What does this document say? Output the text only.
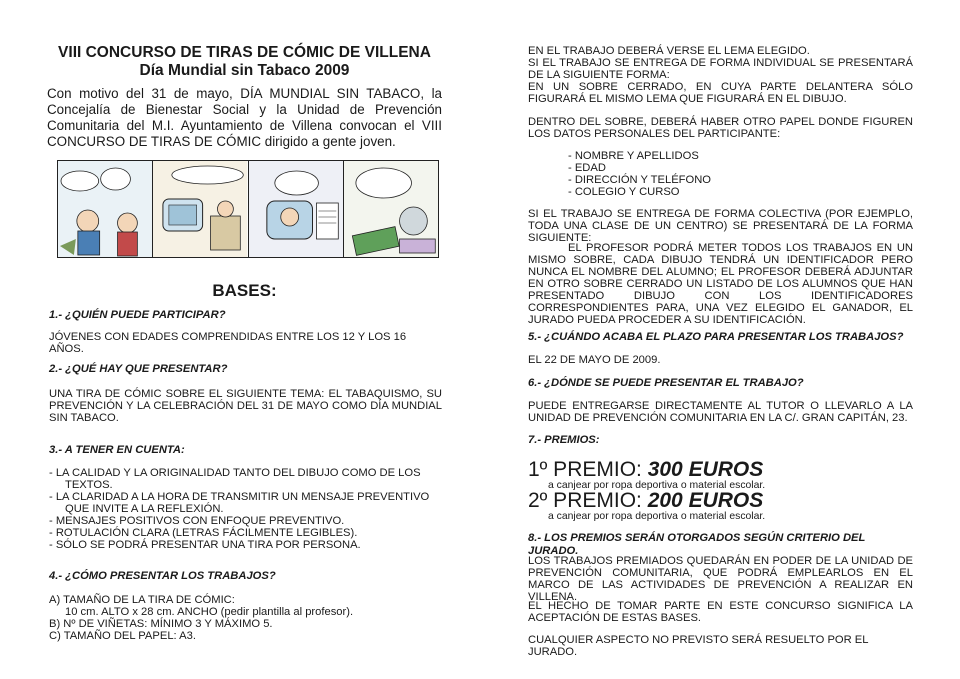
VIII CONCURSO DE TIRAS DE CÓMIC DE VILLENA
Día Mundial sin Tabaco 2009
Con motivo del 31 de mayo, DÍA MUNDIAL SIN TABACO, la Concejalía de Bienestar Social y la Unidad de Prevención Comunitaria del M.I. Ayuntamiento de Villena convocan el VIII CONCURSO DE TIRAS DE CÓMIC dirigido a gente joven.
BASES:
1.- ¿QUIÉN PUEDE PARTICIPAR?
JÓVENES CON EDADES COMPRENDIDAS ENTRE LOS 12 Y LOS 16 AÑOS.
2.- ¿QUÉ HAY QUE PRESENTAR?
UNA TIRA DE CÓMIC SOBRE EL SIGUIENTE TEMA: EL TABAQUISMO, SU PREVENCIÓN Y LA CELEBRACIÓN DEL 31 DE MAYO COMO DÍA MUNDIAL SIN TABACO.
3.- A TENER EN CUENTA:
- LA CALIDAD Y LA ORIGINALIDAD TANTO DEL DIBUJO COMO DE LOS
TEXTOS.
- LA CLARIDAD A LA HORA DE TRANSMITIR UN MENSAJE PREVENTIVO
QUE INVITE A LA REFLEXIÓN.
- MENSAJES POSITIVOS CON ENFOQUE PREVENTIVO.
- ROTULACIÓN CLARA (LETRAS FÁCILMENTE LEGIBLES).
- SÓLO SE PODRÁ PRESENTAR UNA TIRA POR PERSONA.
4.- ¿CÓMO PRESENTAR LOS TRABAJOS?
A) TAMAÑO DE LA TIRA DE CÓMIC:
10 cm. ALTO x 28 cm. ANCHO (pedir plantilla al profesor).
B) Nº DE VIÑETAS: MÍNIMO 3 Y MÁXIMO 5.
C) TAMAÑO DEL PAPEL: A3.
EN EL TRABAJO DEBERÁ VERSE EL LEMA ELEGIDO.
SI EL TRABAJO SE ENTREGA DE FORMA INDIVIDUAL SE PRESENTARÁ DE LA SIGUIENTE FORMA:
EN UN SOBRE CERRADO, EN CUYA PARTE DELANTERA SÓLO FIGURARÁ EL MISMO LEMA QUE FIGURARÁ EN EL DIBUJO.
DENTRO DEL SOBRE, DEBERÁ HABER OTRO PAPEL DONDE FIGUREN LOS DATOS PERSONALES DEL PARTICIPANTE:
- NOMBRE Y APELLIDOS
- EDAD
- DIRECCIÓN Y TELÉFONO
- COLEGIO Y CURSO
SI EL TRABAJO SE ENTREGA DE FORMA COLECTIVA (POR EJEMPLO, TODA UNA CLASE DE UN CENTRO) SE PRESENTARÁ DE LA FORMA SIGUIENTE:
EL PROFESOR PODRÁ METER TODOS LOS TRABAJOS EN UN MISMO SOBRE, CADA DIBUJO TENDRÁ UN IDENTIFICADOR PERO NUNCA EL NOMBRE DEL ALUMNO; EL PROFESOR DEBERÁ ADJUNTAR EN OTRO SOBRE CERRADO UN LISTADO DE LOS ALUMNOS QUE HAN PRESENTADO DIBUJO CON LOS IDENTIFICADORES CORRESPONDIENTES PARA, UNA VEZ ELEGIDO EL GANADOR, EL JURADO PUEDA PROCEDER A SU IDENTIFICACIÓN.
5.- ¿CUÁNDO ACABA EL PLAZO PARA PRESENTAR LOS TRABAJOS?
EL 22 DE MAYO DE 2009.
6.- ¿DÓNDE SE PUEDE PRESENTAR EL TRABAJO?
PUEDE ENTREGARSE DIRECTAMENTE AL TUTOR O LLEVARLO A LA UNIDAD DE PREVENCIÓN COMUNITARIA EN LA C/. GRAN CAPITÁN, 23.
7.- PREMIOS:
1º PREMIO: 300 EUROS
a canjear por ropa deportiva o material escolar.
2º PREMIO: 200 EUROS
a canjear por ropa deportiva o material escolar.
8.- LOS PREMIOS SERÁN OTORGADOS SEGÚN CRITERIO DEL JURADO.
LOS TRABAJOS PREMIADOS QUEDARÁN EN PODER DE LA UNIDAD DE PREVENCIÓN COMUNITARIA, QUE PODRÁ EMPLEARLOS EN EL MARCO DE LAS ACTIVIDADES DE PREVENCIÓN A REALIZAR EN VILLENA.
EL HECHO DE TOMAR PARTE EN ESTE CONCURSO SIGNIFICA LA ACEPTACIÓN DE ESTAS BASES.
CUALQUIER ASPECTO NO PREVISTO SERÁ RESUELTO POR EL JURADO.
